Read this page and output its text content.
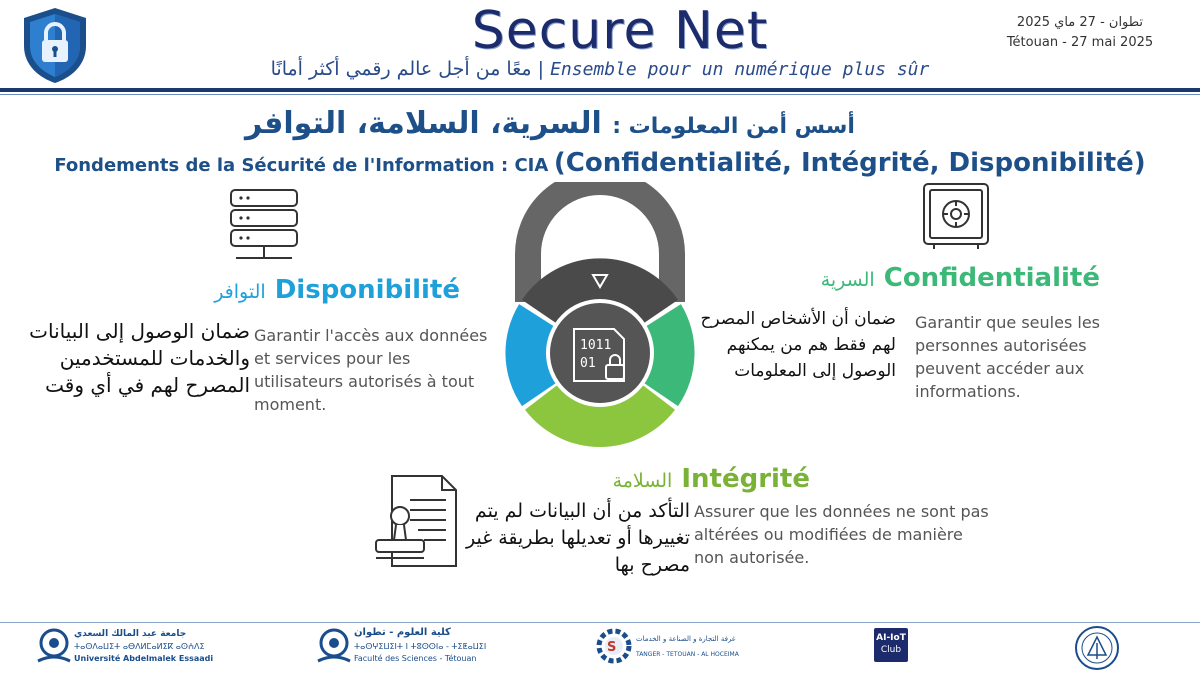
Secure Net
معًا من أجل عالم رقمي أكثر أمانًا | Ensemble pour un numérique plus sûr
تطوان - 27 ماي 2025
Tétouan - 27 mai 2025
أسس أمن المعلومات : السرية، السلامة، التوافر
Fondements de la Sécurité de l'Information : CIA (Confidentialité, Intégrité, Disponibilité)
1011
01
التوافر Disponibilité
Garantir l'accès aux données et services pour les utilisateurs autorisés à tout moment.
ضمان الوصول إلى البيانات والخدمات للمستخدمين المصرح لهم في أي وقت
السرية Confidentialité
Garantir que seules les personnes autorisées peuvent accéder aux informations.
ضمان أن الأشخاص المصرح لهم فقط هم من يمكنهم الوصول إلى المعلومات
السلامة Intégrité
Assurer que les données ne sont pas altérées ou modifiées de manière non autorisée.
التأكد من أن البيانات لم يتم تغييرها أو تعديلها بطريقة غير مصرح بها
جامعة عبد المالك السعدي
ⵜⴰⵙⴷⴰⵡⵉⵜ ⴰⴱⴷⵍⵎⴰⵍⵉⴽ ⴰⵙⵄⴷⵉ
Université Abdelmalek Essaadi
كلية العلوم - تطوان
ⵜⴰⵙⵖⵉⵡⵉⵏⵜ ⵏ ⵜⵓⵙⵙⵏⴰ - ⵜⵉⵟⴰⵡⵉⵏ
Faculté des Sciences - Tétouan
S
غرفة التجارة و الصناعة و الخدمات
TANGER - TETOUAN - AL HOCEIMA
AI-IoT
Club
